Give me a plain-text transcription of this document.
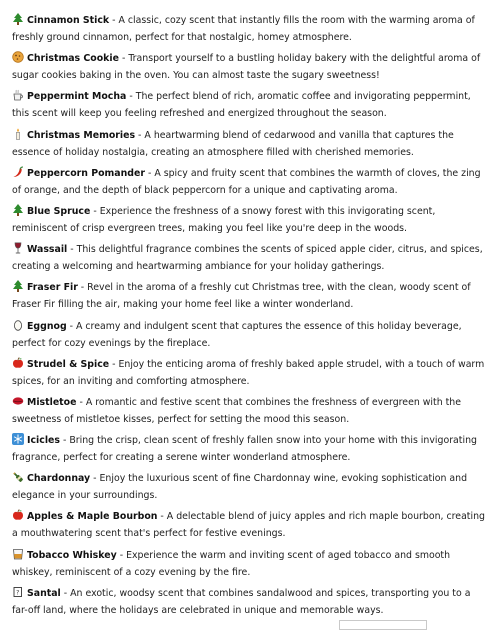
Cinnamon Stick - A classic, cozy scent that instantly fills the room with the warming aroma of freshly ground cinnamon, perfect for that nostalgic, homey atmosphere.

Christmas Cookie - Transport yourself to a bustling holiday bakery with the delightful aroma of sugar cookies baking in the oven. You can almost taste the sugary sweetness!

Peppermint Mocha - The perfect blend of rich, aromatic coffee and invigorating peppermint, this scent will keep you feeling refreshed and energized throughout the season.

Christmas Memories - A heartwarming blend of cedarwood and vanilla that captures the essence of holiday nostalgia, creating an atmosphere filled with cherished memories.

Peppercorn Pomander - A spicy and fruity scent that combines the warmth of cloves, the zing of orange, and the depth of black peppercorn for a unique and captivating aroma.

Blue Spruce - Experience the freshness of a snowy forest with this invigorating scent, reminiscent of crisp evergreen trees, making you feel like you're deep in the woods.

Wassail - This delightful fragrance combines the scents of spiced apple cider, citrus, and spices, creating a welcoming and heartwarming ambiance for your holiday gatherings.

Fraser Fir - Revel in the aroma of a freshly cut Christmas tree, with the clean, woody scent of Fraser Fir filling the air, making your home feel like a winter wonderland.

Eggnog - A creamy and indulgent scent that captures the essence of this holiday beverage, perfect for cozy evenings by the fireplace.

Strudel & Spice - Enjoy the enticing aroma of freshly baked apple strudel, with a touch of warm spices, for an inviting and comforting atmosphere.

Mistletoe - A romantic and festive scent that combines the freshness of evergreen with the sweetness of mistletoe kisses, perfect for setting the mood this season.

Icicles - Bring the crisp, clean scent of freshly fallen snow into your home with this invigorating fragrance, perfect for creating a serene winter wonderland atmosphere.

Chardonnay - Enjoy the luxurious scent of fine Chardonnay wine, evoking sophistication and elegance in your surroundings.

Apples & Maple Bourbon - A delectable blend of juicy apples and rich maple bourbon, creating a mouthwatering scent that's perfect for festive evenings.

Tobacco Whiskey - Experience the warm and inviting scent of aged tobacco and smooth whiskey, reminiscent of a cozy evening by the fire.

? Santal - An exotic, woodsy scent that combines sandalwood and spices, transporting you to a far-off land, where the holidays are celebrated in unique and memorable ways.
